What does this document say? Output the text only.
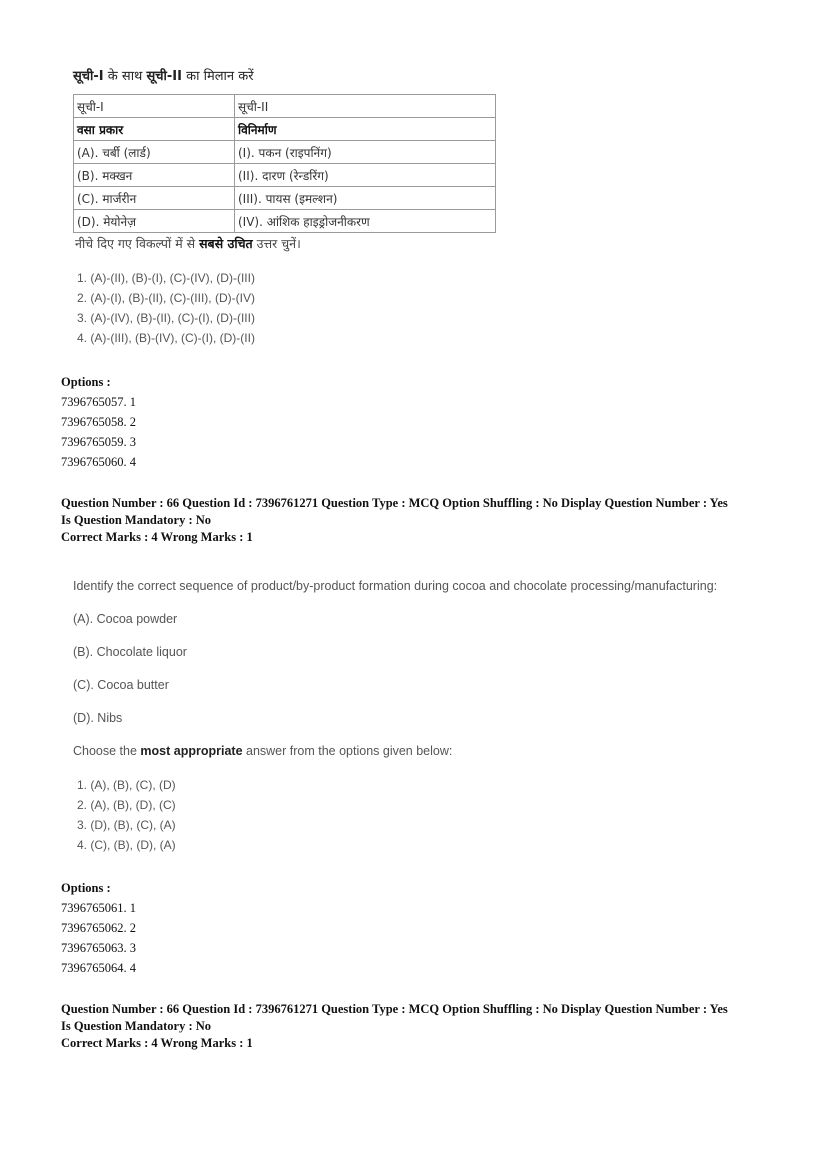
सूची-I के साथ सूची-II का मिलान करें
सूची-I	सूची-II
वसा प्रकार	विनिर्माण
(A). चर्बी (लार्ड)	(I). पकन (राइपनिंग)
(B). मक्खन	(II). दारण (रेन्डरिंग)
(C). मार्जरीन	(III). पायस (इमल्शन)
(D). मेयोनेज़	(IV). आंशिक हाइड्रोजनीकरण
नीचे दिए गए विकल्पों में से सबसे उचित उत्तर चुनें।
1. (A)-(II), (B)-(I), (C)-(IV), (D)-(III)
2. (A)-(I), (B)-(II), (C)-(III), (D)-(IV)
3. (A)-(IV), (B)-(II), (C)-(I), (D)-(III)
4. (A)-(III), (B)-(IV), (C)-(I), (D)-(II)
Options :
7396765057. 1
7396765058. 2
7396765059. 3
7396765060. 4
Question Number : 66 Question Id : 7396761271 Question Type : MCQ Option Shuffling : No Display Question Number : Yes
Is Question Mandatory : No
Correct Marks : 4 Wrong Marks : 1
Identify the correct sequence of product/by-product formation during cocoa and chocolate processing/manufacturing:
(A). Cocoa powder
(B). Chocolate liquor
(C). Cocoa butter
(D). Nibs
Choose the most appropriate answer from the options given below:
1. (A), (B), (C), (D)
2. (A), (B), (D), (C)
3. (D), (B), (C), (A)
4. (C), (B), (D), (A)
Options :
7396765061. 1
7396765062. 2
7396765063. 3
7396765064. 4
Question Number : 66 Question Id : 7396761271 Question Type : MCQ Option Shuffling : No Display Question Number : Yes
Is Question Mandatory : No
Correct Marks : 4 Wrong Marks : 1
